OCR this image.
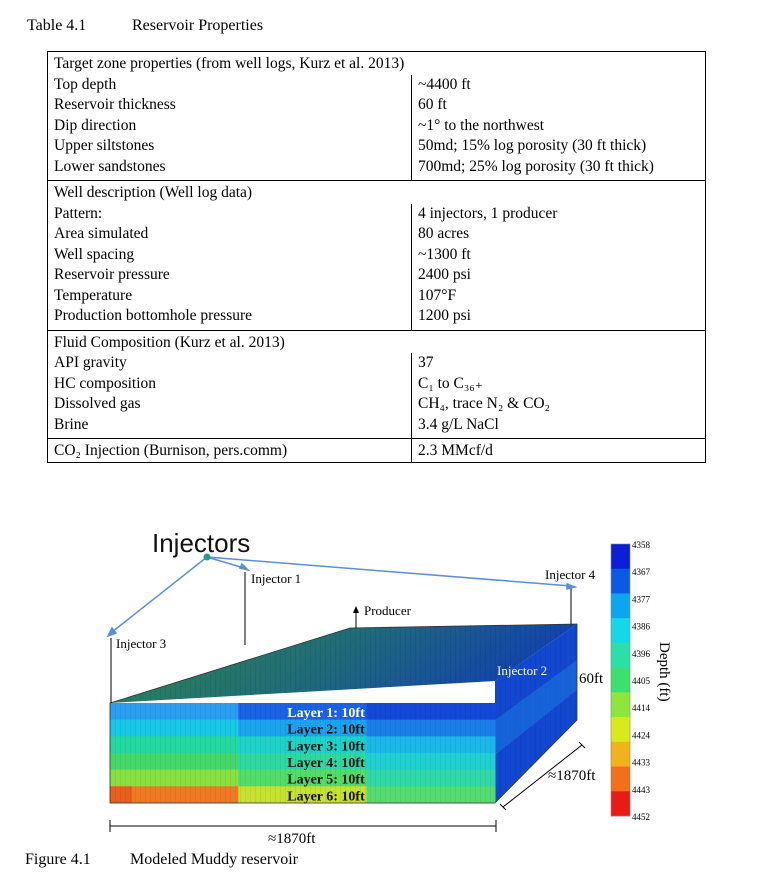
Table 4.1	Reservoir Properties
Target zone properties (from well logs, Kurz et al. 2013)	
Top depth	~4400 ft
Reservoir thickness	60 ft
Dip direction	~1° to the northwest
Upper siltstones	50md; 15% log porosity (30 ft thick)
Lower sandstones	700md; 25% log porosity (30 ft thick)
Well description (Well log data)	
Pattern:	4 injectors, 1 producer
Area simulated	80 acres
Well spacing	~1300 ft
Reservoir pressure	2400 psi
Temperature	107°F
Production bottomhole pressure	1200 psi
Fluid Composition (Kurz et al. 2013)	
API gravity	37
HC composition	C₁ to C₃₆₊
Dissolved gas	CH₄, trace N₂ & CO₂
Brine	3.4 g/L NaCl
CO₂ Injection (Burnison, pers.comm)	2.3 MMcf/d
Layer 1: 10ft
Layer 2: 10ft
Layer 3: 10ft
Layer 4: 10ft
Layer 5: 10ft
Layer 6: 10ft
Injectors
Injector 1
Injector 2
Injector 3
Injector 4
Producer
60ft
≈1870ft
≈1870ft
4358
4367
4377
4386
4396
4405
4414
4424
4433
4443
4452
Depth (ft)
Figure 4.1 Modeled Muddy reservoir
